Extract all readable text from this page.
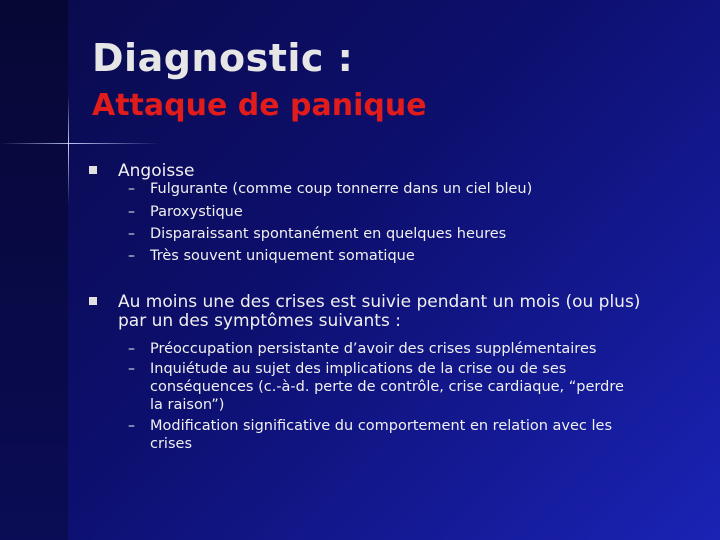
Diagnostic :
Attaque de panique
Angoisse
– Fulgurante (comme coup tonnerre dans un ciel bleu)
– Paroxystique
– Disparaissant spontanément en quelques heures
– Très souvent uniquement somatique
Au moins une des crises est suivie pendant un mois (ou plus)
par un des symptômes suivants :
– Préoccupation persistante d’avoir des crises supplémentaires
– Inquiétude au sujet des implications de la crise ou de ses
conséquences (c.-à-d. perte de contrôle, crise cardiaque, “perdre
la raison”)
– Modification significative du comportement en relation avec les
crises
